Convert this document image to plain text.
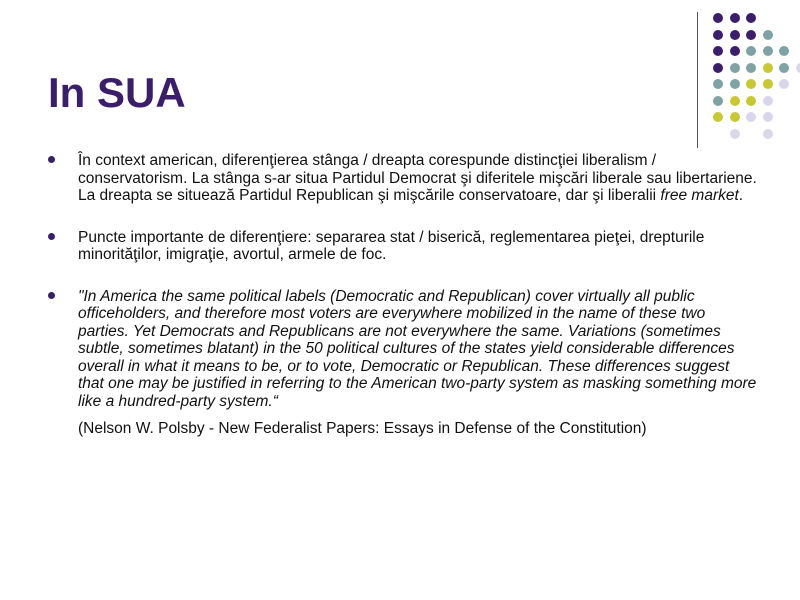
In SUA
În context american, diferenţierea stânga / dreapta corespunde distincţiei liberalism / conservatorism. La stânga s-ar situa Partidul Democrat şi diferitele mişcări liberale sau libertariene. La dreapta se situează Partidul Republican şi mişcările conservatoare, dar şi liberalii free market.
Puncte importante de diferenţiere: separarea stat / biserică, reglementarea pieţei, drepturile minorităţilor, imigraţie, avortul, armele de foc.
"In America the same political labels (Democratic and Republican) cover virtually all public officeholders, and therefore most voters are everywhere mobilized in the name of these two parties. Yet Democrats and Republicans are not everywhere the same. Variations (sometimes subtle, sometimes blatant) in the 50 political cultures of the states yield considerable differences overall in what it means to be, or to vote, Democratic or Republican. These differences suggest that one may be justified in referring to the American two-party system as masking something more like a hundred-party system.“
(Nelson W. Polsby - New Federalist Papers: Essays in Defense of the Constitution)
